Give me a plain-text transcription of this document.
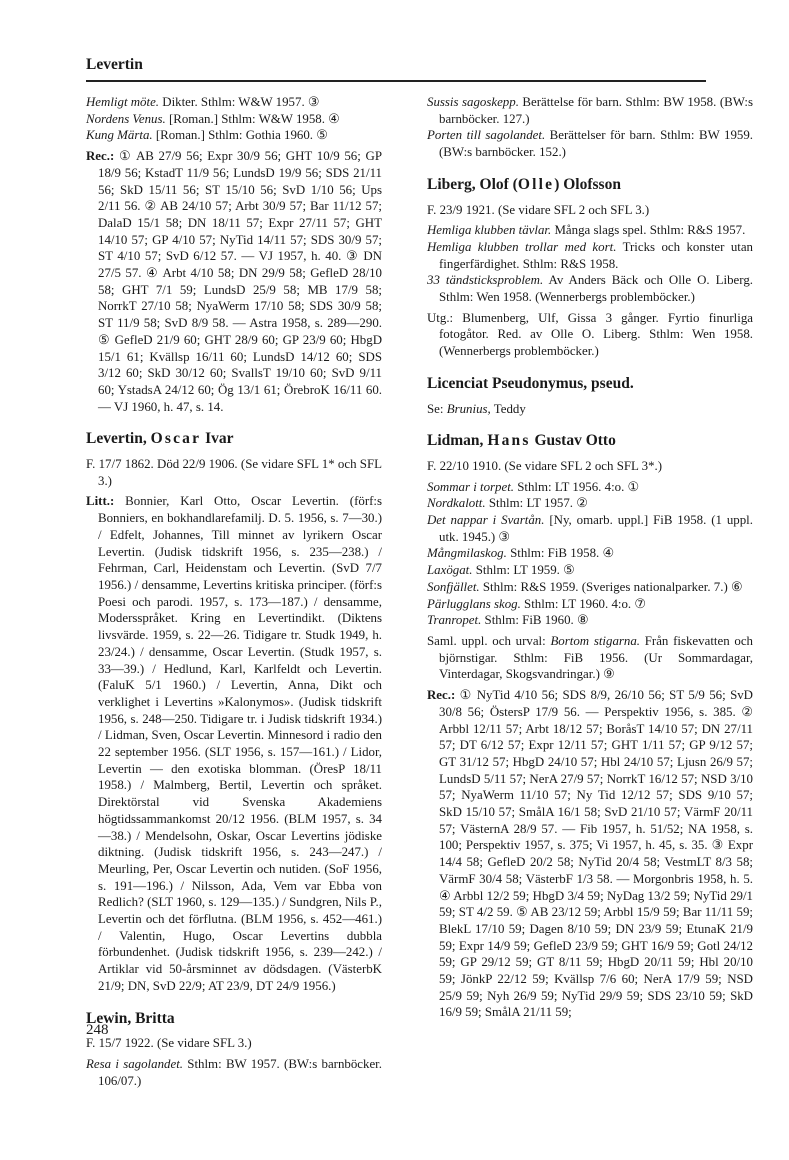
Levertin

Hemligt möte. Dikter. Sthlm: W&W 1957. ③

Nordens Venus. [Roman.] Sthlm: W&W 1958. ④

Kung Märta. [Roman.] Sthlm: Gothia 1960. ⑤

Rec.: ① AB 27/9 56; Expr 30/9 56; GHT 10/9 56; GP 18/9 56; KstadT 11/9 56; LundsD 19/9 56; SDS 21/11 56; SkD 15/11 56; ST 15/10 56; SvD 1/10 56; Ups 2/11 56. ② AB 24/10 57; Arbt 30/9 57; Bar 11/12 57; DalaD 15/1 58; DN 18/11 57; Expr 27/11 57; GHT 14/10 57; GP 4/10 57; NyTid 14/11 57; SDS 30/9 57; ST 4/10 57; SvD 6/12 57. — VJ 1957, h. 40. ③ DN 27/5 57. ④ Arbt 4/10 58; DN 29/9 58; GefleD 28/10 58; GHT 7/1 59; LundsD 25/9 58; MB 17/9 58; NorrkT 27/10 58; NyaWerm 17/10 58; SDS 30/9 58; ST 11/9 58; SvD 8/9 58. — Astra 1958, s. 289—290. ⑤ GefleD 21/9 60; GHT 28/9 60; GP 23/9 60; HbgD 15/1 61; Kvällsp 16/11 60; LundsD 14/12 60; SDS 3/12 60; SkD 30/12 60; SvallsT 19/10 60; SvD 9/11 60; YstadsA 24/12 60; Ög 13/1 61; ÖrebroK 16/11 60. — VJ 1960, h. 47, s. 14.

Levertin, Oscar Ivar

F. 17/7 1862. Död 22/9 1906. (Se vidare SFL 1* och SFL 3.)

Litt.: Bonnier, Karl Otto, Oscar Levertin. (förf:s Bonniers, en bokhandlarefamilj. D. 5. 1956, s. 7—30.) / Edfelt, Johannes, Till minnet av lyrikern Oscar Levertin. (Judisk tidskrift 1956, s. 235—238.) / Fehrman, Carl, Heidenstam och Levertin. (SvD 7/7 1956.) / densamme, Levertins kritiska principer. (förf:s Poesi och parodi. 1957, s. 173—187.) / densamme, Modersspråket. Kring en Levertindikt. (Diktens livsvärde. 1959, s. 22—26. Tidigare tr. Studk 1949, h. 23/24.) / densamme, Oscar Levertin. (Studk 1957, s. 33—39.) / Hedlund, Karl, Karlfeldt och Levertin. (FaluK 5/1 1960.) / Levertin, Anna, Dikt och verklighet i Levertins »Kalonymos». (Judisk tidskrift 1956, s. 248—250. Tidigare tr. i Judisk tidskrift 1934.) / Lidman, Sven, Oscar Levertin. Minnesord i radio den 22 september 1956. (SLT 1956, s. 157—161.) / Lidor, Levertin — den exotiska blomman. (ÖresP 18/11 1958.) / Malmberg, Bertil, Levertin och språket. Direktörstal vid Svenska Akademiens högtidssammankomst 20/12 1956. (BLM 1957, s. 34—38.) / Mendelsohn, Oskar, Oscar Levertins jödiske diktning. (Judisk tidskrift 1956, s. 243—247.) / Meurling, Per, Oscar Levertin och nutiden. (SoF 1956, s. 191—196.) / Nilsson, Ada, Vem var Ebba von Redlich? (SLT 1960, s. 129—135.) / Sundgren, Nils P., Levertin och det förflutna. (BLM 1956, s. 452—461.) / Valentin, Hugo, Oscar Levertins dubbla förbundenhet. (Judisk tidskrift 1956, s. 239—242.) / Artiklar vid 50-årsminnet av dödsdagen. (VästerbK 21/9; DN, SvD 22/9; AT 23/9, DT 24/9 1956.)

Lewin, Britta

F. 15/7 1922. (Se vidare SFL 3.)

Resa i sagolandet. Sthlm: BW 1957. (BW:s barnböcker. 106/07.)

Sussis sagoskepp. Berättelse för barn. Sthlm: BW 1958. (BW:s barnböcker. 127.)

Porten till sagolandet. Berättelser för barn. Sthlm: BW 1959. (BW:s barnböcker. 152.)

Liberg, Olof (Olle) Olofsson

F. 23/9 1921. (Se vidare SFL 2 och SFL 3.)

Hemliga klubben tävlar. Många slags spel. Sthlm: R&S 1957.

Hemliga klubben trollar med kort. Tricks och konster utan fingerfärdighet. Sthlm: R&S 1958.

33 tändsticksproblem. Av Anders Bäck och Olle O. Liberg. Sthlm: Wen 1958. (Wennerbergs problemböcker.)

Utg.: Blumenberg, Ulf, Gissa 3 gånger. Fyrtio finurliga fotogåtor. Red. av Olle O. Liberg. Sthlm: Wen 1958. (Wennerbergs problemböcker.)

Licenciat Pseudonymus, pseud.

Se: Brunius, Teddy

Lidman, Hans Gustav Otto

F. 22/10 1910. (Se vidare SFL 2 och SFL 3*.)

Sommar i torpet. Sthlm: LT 1956. 4:o. ①

Nordkalott. Sthlm: LT 1957. ②

Det nappar i Svartån. [Ny, omarb. uppl.] FiB 1958. (1 uppl. utk. 1945.) ③

Mångmilaskog. Sthlm: FiB 1958. ④

Laxögat. Sthlm: LT 1959. ⑤

Sonfjället. Sthlm: R&S 1959. (Sveriges nationalparker. 7.) ⑥

Pärlugglans skog. Sthlm: LT 1960. 4:o. ⑦

Tranropet. Sthlm: FiB 1960. ⑧

Saml. uppl. och urval: Bortom stigarna. Från fiskevatten och björnstigar. Sthlm: FiB 1956. (Ur Sommardagar, Vinterdagar, Skogsvandringar.) ⑨

Rec.: ① NyTid 4/10 56; SDS 8/9, 26/10 56; ST 5/9 56; SvD 30/8 56; ÖstersP 17/9 56. — Perspektiv 1956, s. 385. ② Arbbl 12/11 57; Arbt 18/12 57; BoråsT 14/10 57; DN 27/11 57; DT 6/12 57; Expr 12/11 57; GHT 1/11 57; GP 9/12 57; GT 31/12 57; HbgD 24/10 57; Hbl 24/10 57; Ljusn 26/9 57; LundsD 5/11 57; NerA 27/9 57; NorrkT 16/12 57; NSD 3/10 57; NyaWerm 11/10 57; Ny Tid 12/12 57; SDS 9/10 57; SkD 15/10 57; SmålA 16/1 58; SvD 21/10 57; VärmF 20/11 57; VästernA 28/9 57. — Fib 1957, h. 51/52; NA 1958, s. 100; Perspektiv 1957, s. 375; Vi 1957, h. 45, s. 35. ③ Expr 14/4 58; GefleD 20/2 58; NyTid 20/4 58; VestmLT 8/3 58; VärmF 30/4 58; VästerbF 1/3 58. — Morgonbris 1958, h. 5. ④ Arbbl 12/2 59; HbgD 3/4 59; NyDag 13/2 59; NyTid 29/1 59; ST 4/2 59. ⑤ AB 23/12 59; Arbbl 15/9 59; Bar 11/11 59; BlekL 17/10 59; Dagen 8/10 59; DN 23/9 59; EtunaK 21/9 59; Expr 14/9 59; GefleD 23/9 59; GHT 16/9 59; Gotl 24/12 59; GP 29/12 59; GT 8/11 59; HbgD 20/11 59; Hbl 20/10 59; JönkP 22/12 59; Kvällsp 7/6 60; NerA 17/9 59; NSD 25/9 59; Nyh 26/9 59; NyTid 29/9 59; SDS 23/10 59; SkD 16/9 59; SmålA 21/11 59;

248
